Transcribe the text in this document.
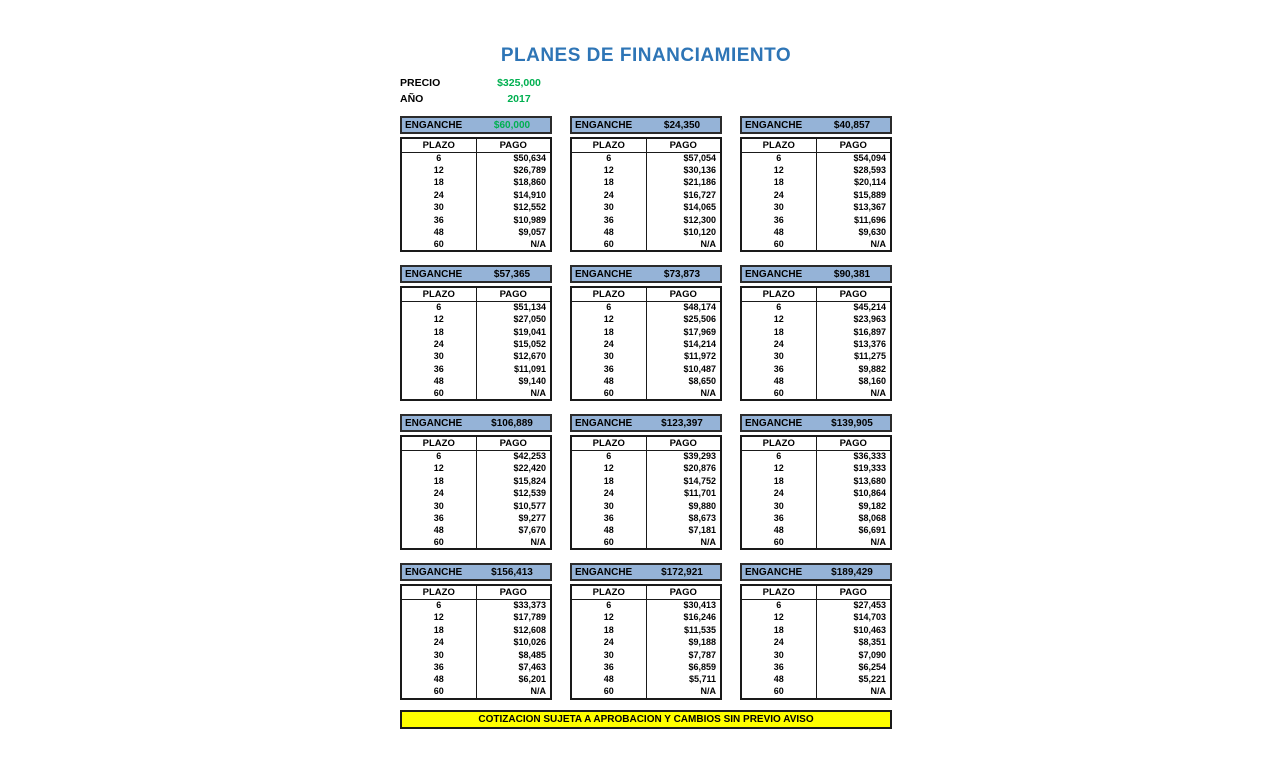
PLANES DE FINANCIAMIENTO
PRECIO	$325,000
AÑO	2017
ENGANCHE	$60,000
PLAZO	PAGO
6	$50,634
12	$26,789
18	$18,860
24	$14,910
30	$12,552
36	$10,989
48	$9,057
60	N/A
ENGANCHE	$24,350
PLAZO	PAGO
6	$57,054
12	$30,136
18	$21,186
24	$16,727
30	$14,065
36	$12,300
48	$10,120
60	N/A
ENGANCHE	$40,857
PLAZO	PAGO
6	$54,094
12	$28,593
18	$20,114
24	$15,889
30	$13,367
36	$11,696
48	$9,630
60	N/A
ENGANCHE	$57,365
PLAZO	PAGO
6	$51,134
12	$27,050
18	$19,041
24	$15,052
30	$12,670
36	$11,091
48	$9,140
60	N/A
ENGANCHE	$73,873
PLAZO	PAGO
6	$48,174
12	$25,506
18	$17,969
24	$14,214
30	$11,972
36	$10,487
48	$8,650
60	N/A
ENGANCHE	$90,381
PLAZO	PAGO
6	$45,214
12	$23,963
18	$16,897
24	$13,376
30	$11,275
36	$9,882
48	$8,160
60	N/A
ENGANCHE	$106,889
PLAZO	PAGO
6	$42,253
12	$22,420
18	$15,824
24	$12,539
30	$10,577
36	$9,277
48	$7,670
60	N/A
ENGANCHE	$123,397
PLAZO	PAGO
6	$39,293
12	$20,876
18	$14,752
24	$11,701
30	$9,880
36	$8,673
48	$7,181
60	N/A
ENGANCHE	$139,905
PLAZO	PAGO
6	$36,333
12	$19,333
18	$13,680
24	$10,864
30	$9,182
36	$8,068
48	$6,691
60	N/A
ENGANCHE	$156,413
PLAZO	PAGO
6	$33,373
12	$17,789
18	$12,608
24	$10,026
30	$8,485
36	$7,463
48	$6,201
60	N/A
ENGANCHE	$172,921
PLAZO	PAGO
6	$30,413
12	$16,246
18	$11,535
24	$9,188
30	$7,787
36	$6,859
48	$5,711
60	N/A
ENGANCHE	$189,429
PLAZO	PAGO
6	$27,453
12	$14,703
18	$10,463
24	$8,351
30	$7,090
36	$6,254
48	$5,221
60	N/A
COTIZACION SUJETA A APROBACION Y CAMBIOS SIN PREVIO AVISO
